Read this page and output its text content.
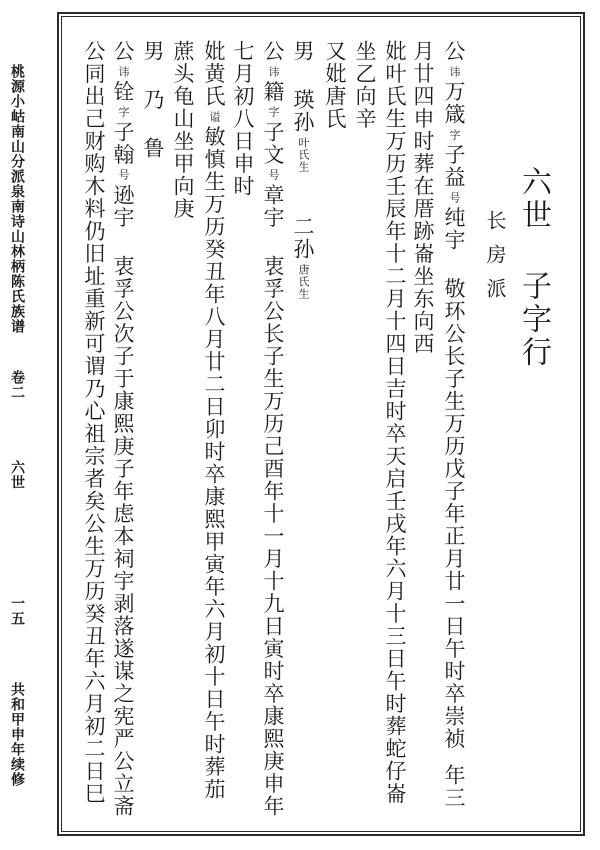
桃源小岵南山分派泉南诗山林柄陈氏族谱
卷二
六世
一五
共和甲申年续修
六世 子字行
长房派
公讳万箴字子益号纯宇敬环公长子生万历戊子年正月廿一日午时卒崇祯年三
月廿四申时葬在厝跡崙坐东向西
妣叶氏生万历壬辰年十二月十四日吉时卒天启壬戌年六月十三日午时葬蛇仔崙
坐乙向辛
又妣唐氏
男瑛孙叶氏生二孙唐氏生
公讳籍字子文号章宇衷孚公长子生万历己酉年十一月十九日寅时卒康熙庚申年
七月初八日申时
妣黄氏谥敏慎生万历癸丑年八月廿二日卯时卒康熙甲寅年六月初十日午时葬茄
蔗头龟山坐甲向庚
男乃鲁
公讳铨字子翰号逊宇衷孚公次子于康熙庚子年虑本祠宇剥落遂谋之宪严公立斋
公同出己财购木料仍旧址重新可谓乃心祖宗者矣公生万历癸丑年六月初二日巳
